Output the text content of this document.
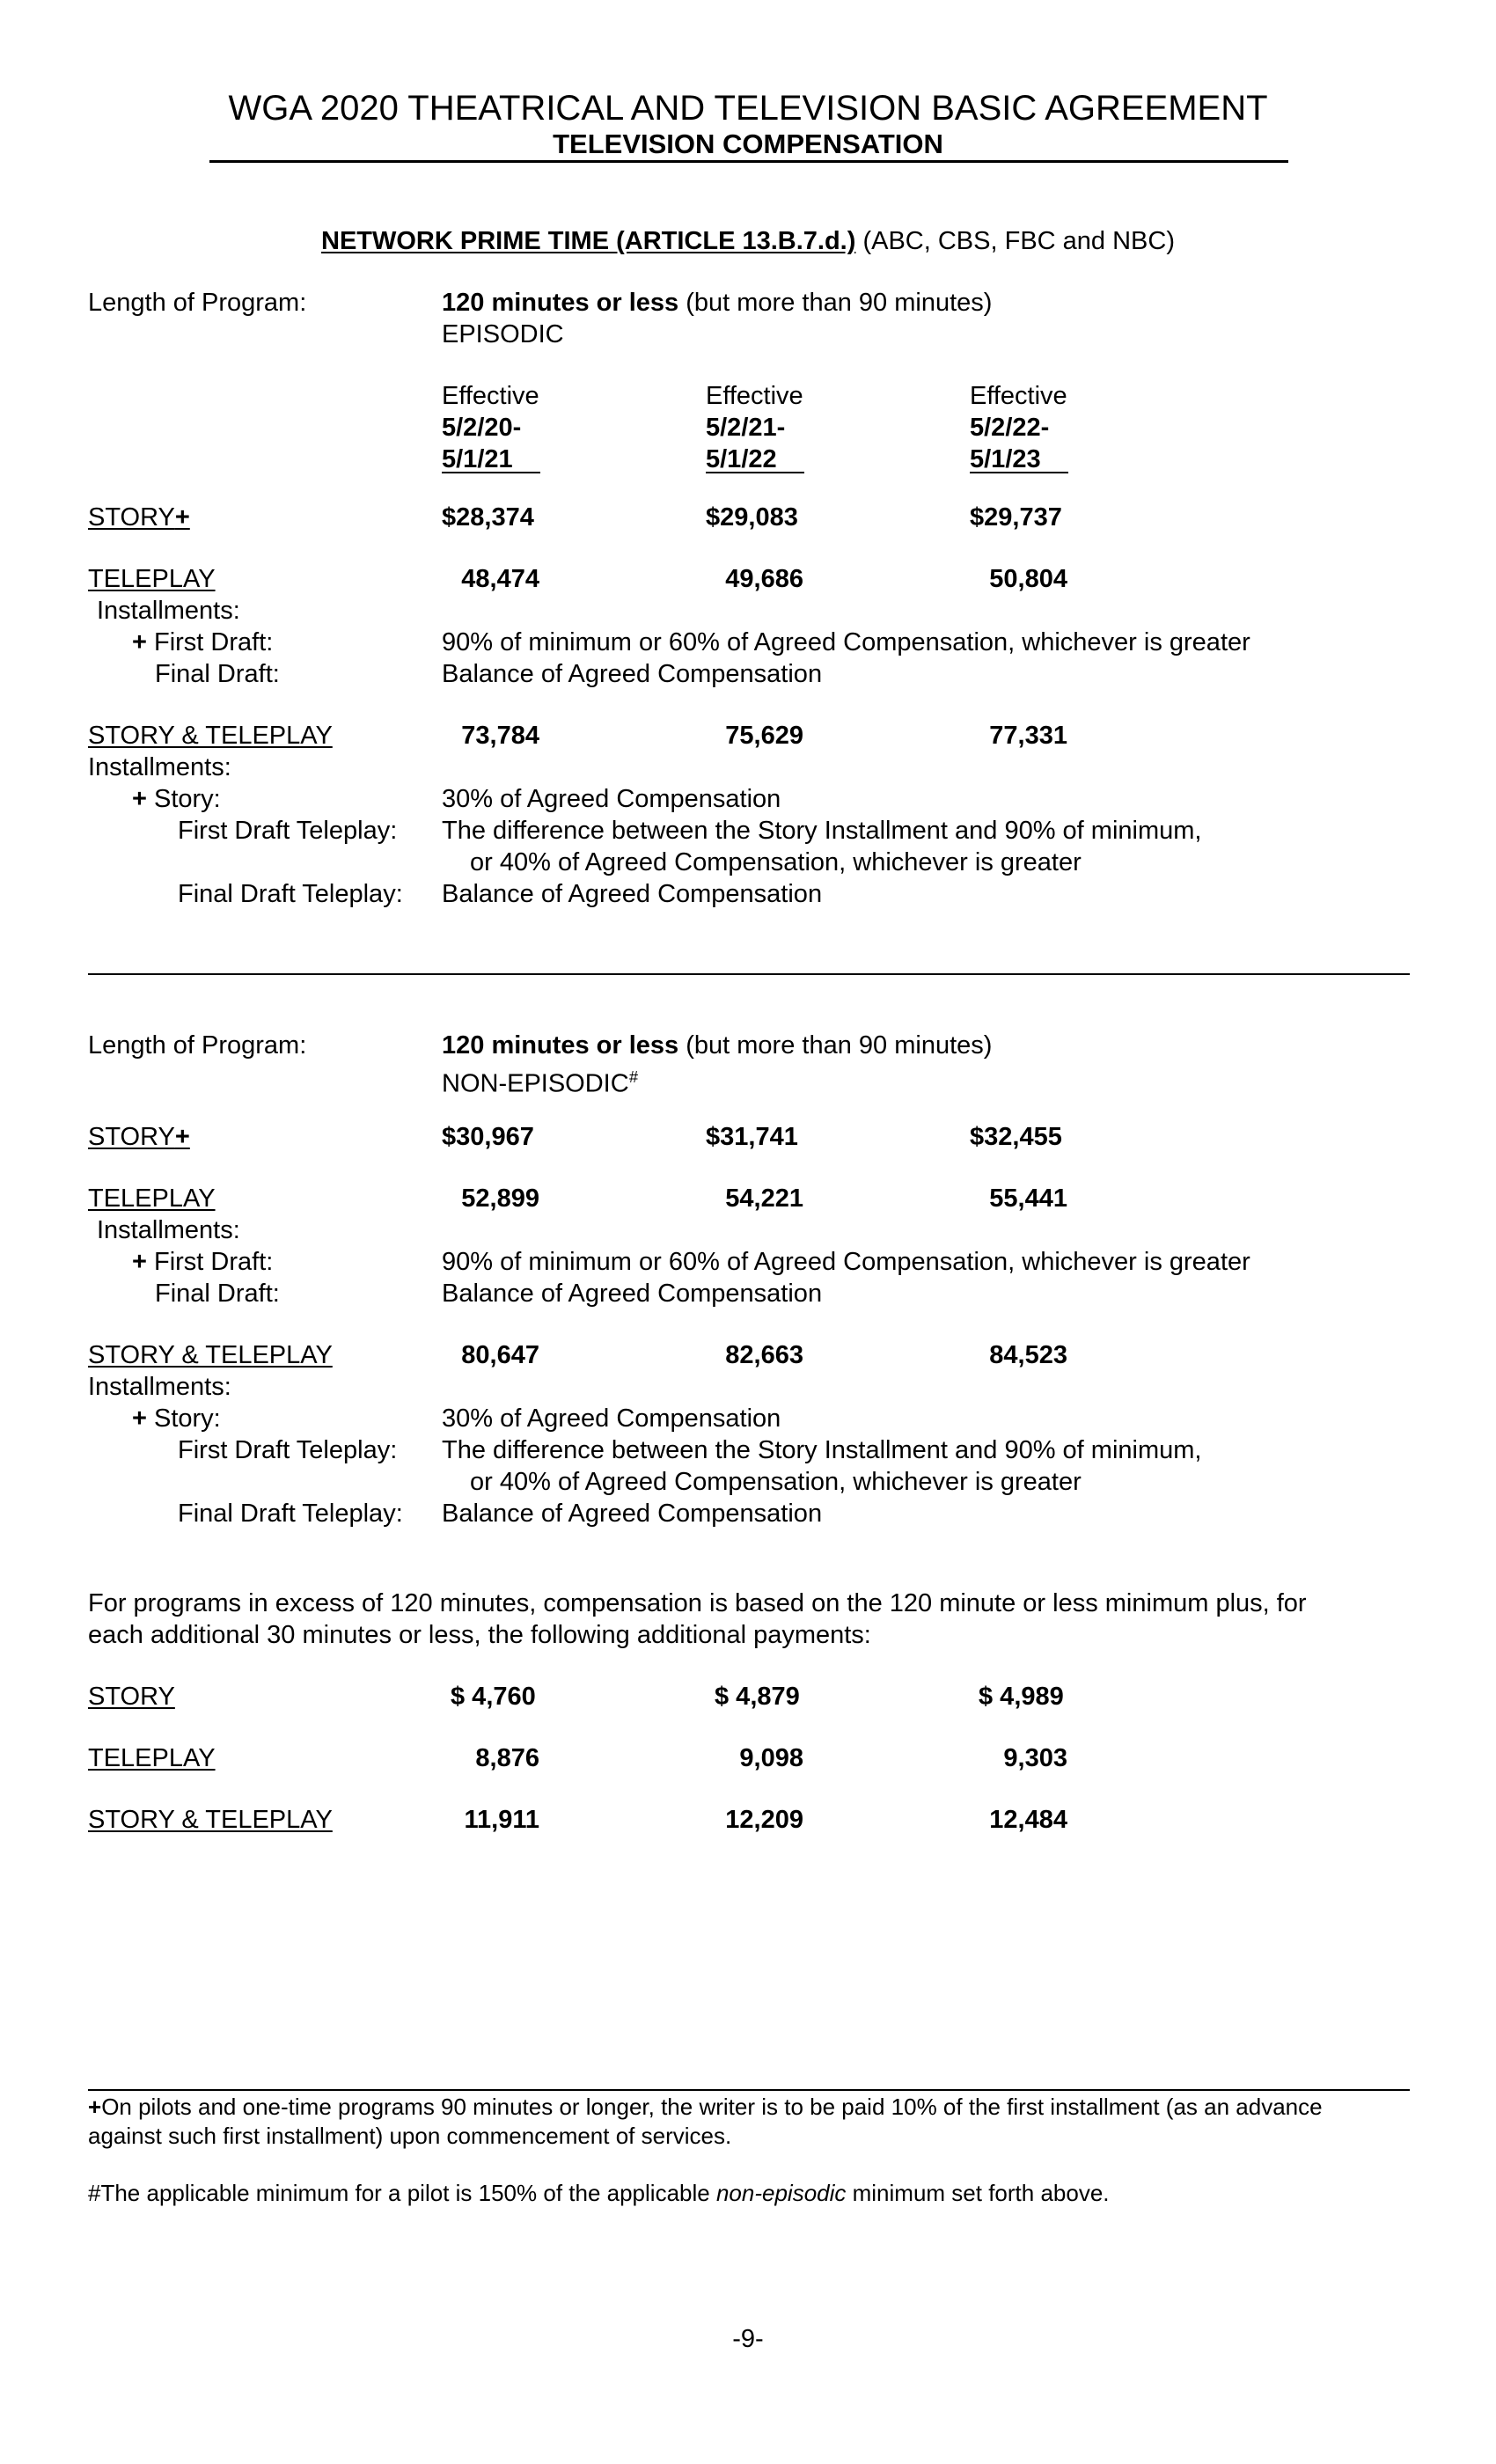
WGA 2020 THEATRICAL AND TELEVISION BASIC AGREEMENT
TELEVISION COMPENSATION
NETWORK PRIME TIME (ARTICLE 13.B.7.d.) (ABC, CBS, FBC and NBC)
Length of Program:	120 minutes or less (but more than 90 minutes)
EPISODIC
Effective	Effective	Effective
5/2/20-	5/2/21-	5/2/22-
5/1/21	5/1/22	5/1/23
STORY+	$28,374	$29,083	$29,737
TELEPLAY	48,474	49,686	50,804
Installments:
+ First Draft:	90% of minimum or 60% of Agreed Compensation, whichever is greater
Final Draft:	Balance of Agreed Compensation
STORY & TELEPLAY	73,784	75,629	77,331
Installments:
+ Story:	30% of Agreed Compensation
First Draft Teleplay: The difference between the Story Installment and 90% of minimum,
or 40% of Agreed Compensation, whichever is greater
Final Draft Teleplay: Balance of Agreed Compensation
Length of Program:	120 minutes or less (but more than 90 minutes)
NON-EPISODIC#
STORY+	$30,967	$31,741	$32,455
TELEPLAY	52,899	54,221	55,441
Installments:
+ First Draft:	90% of minimum or 60% of Agreed Compensation, whichever is greater
Final Draft:	Balance of Agreed Compensation
STORY & TELEPLAY	80,647	82,663	84,523
Installments:
+ Story:	30% of Agreed Compensation
First Draft Teleplay: The difference between the Story Installment and 90% of minimum,
or 40% of Agreed Compensation, whichever is greater
Final Draft Teleplay: Balance of Agreed Compensation
For programs in excess of 120 minutes, compensation is based on the 120 minute or less minimum plus, for
each additional 30 minutes or less, the following additional payments:
STORY	$ 4,760	$ 4,879	$ 4,989
TELEPLAY	8,876	9,098	9,303
STORY & TELEPLAY	11,911	12,209	12,484
+On pilots and one-time programs 90 minutes or longer, the writer is to be paid 10% of the first installment (as an advance
against such first installment) upon commencement of services.
#The applicable minimum for a pilot is 150% of the applicable non-episodic minimum set forth above.
-9-
